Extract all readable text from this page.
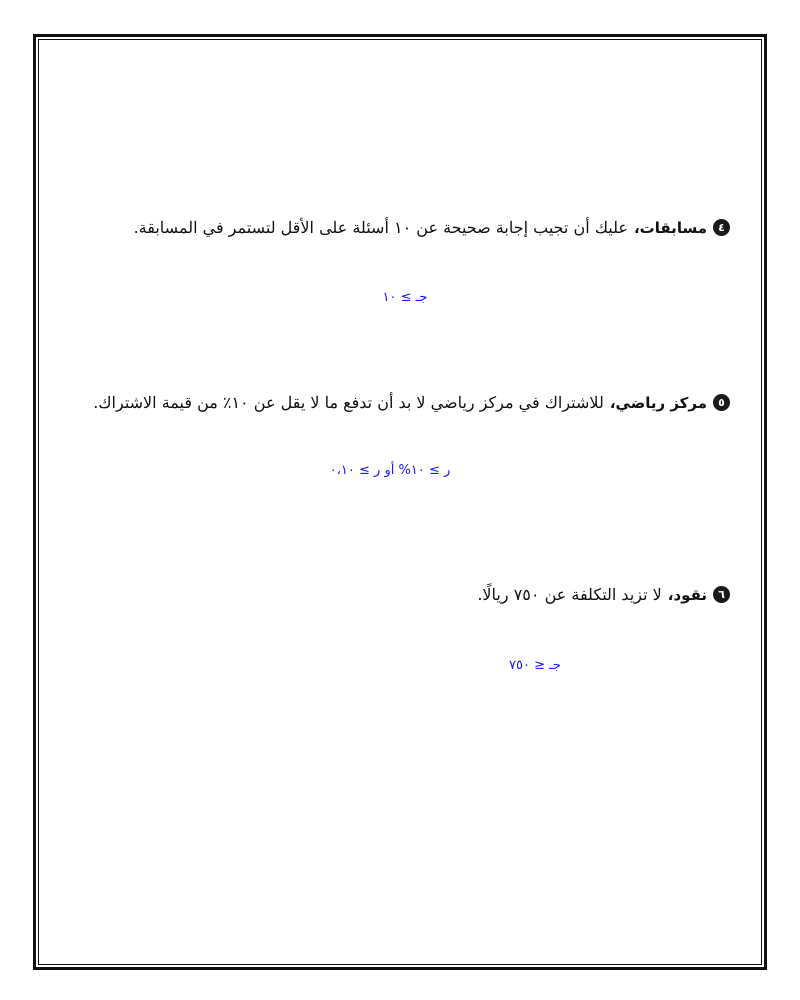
٤
مسابقات،
عليك أن تجيب إجابة صحيحة عن ١٠ أسئلة على الأقل لتستمر في المسابقة.
جـ ≥ ١٠
٥
مركز رياضي،
للاشتراك في مركز رياضي لا بد أن تدفع ما لا يقل عن ١٠٪ من قيمة الاشتراك.
ر ≥ ١٠% أو ر ≥ ٠،١٠
٦
نقود،
لا تزيد التكلفة عن ٧٥٠ ريالًا.
جـ ≤ ٧٥٠
